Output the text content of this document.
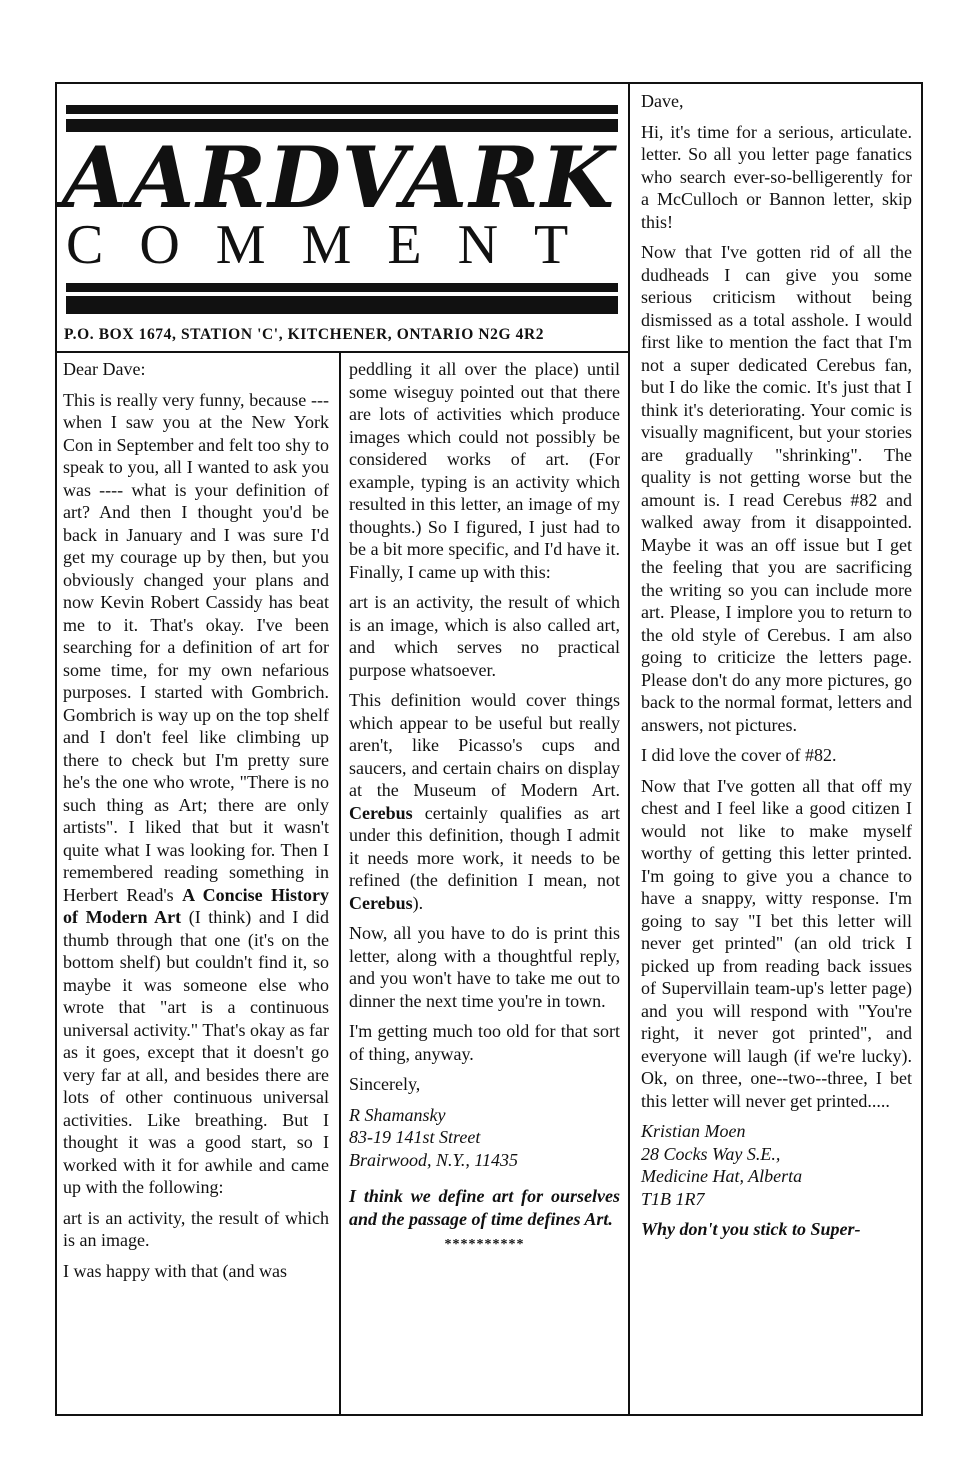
AARDVARK
COMMENT
P.O. BOX 1674, STATION 'C', KITCHENER, ONTARIO N2G 4R2

Dear Dave:

This is really very funny, because --- when I saw you at the New York Con in September and felt too shy to speak to you, all I wanted to ask you was ---- what is your definition of art? And then I thought you'd be back in January and I was sure I'd get my courage up by then, but you obviously changed your plans and now Kevin Robert Cassidy has beat me to it. That's okay. I've been searching for a definition of art for some time, for my own nefarious purposes. I started with Gombrich. Gombrich is way up on the top shelf and I don't feel like climbing up there to check but I'm pretty sure he's the one who wrote, "There is no such thing as Art; there are only artists". I liked that but it wasn't quite what I was looking for. Then I remembered reading something in Herbert Read's A Concise History of Modern Art (I think) and I did thumb through that one (it's on the bottom shelf) but couldn't find it, so maybe it was someone else who wrote that "art is a continuous universal activity." That's okay as far as it goes, except that it doesn't go very far at all, and besides there are lots of other continuous universal activities. Like breathing. But I thought it was a good start, so I worked with it for awhile and came up with the following:

art is an activity, the result of which is an image.

I was happy with that (and was

peddling it all over the place) until some wiseguy pointed out that there are lots of activities which produce images which could not possibly be considered works of art. (For example, typing is an activity which resulted in this letter, an image of my thoughts.) So I figured, I just had to be a bit more specific, and I'd have it. Finally, I came up with this:

art is an activity, the result of which is an image, which is also called art, and which serves no practical purpose whatsoever.

This definition would cover things which appear to be useful but really aren't, like Picasso's cups and saucers, and certain chairs on display at the Museum of Modern Art. Cerebus certainly qualifies as art under this definition, though I admit it needs more work, it needs to be refined (the definition I mean, not Cerebus).

Now, all you have to do is print this letter, along with a thoughtful reply, and you won't have to take me out to dinner the next time you're in town.

I'm getting much too old for that sort of thing, anyway.

Sincerely,

R Shamansky
83-19 141st Street
Brairwood, N.Y., 11435

I think we define art for ourselves and the passage of time defines Art.

**********

Dave,

Hi, it's time for a serious, articulate. letter. So all you letter page fanatics who search ever-so-belligerently for a McCulloch or Bannon letter, skip this!

Now that I've gotten rid of all the dudheads I can give you some serious criticism without being dismissed as a total asshole. I would first like to mention the fact that I'm not a super dedicated Cerebus fan, but I do like the comic. It's just that I think it's deteriorating. Your comic is visually magnificent, but your stories are gradually "shrinking". The quality is not getting worse but the amount is. I read Cerebus #82 and walked away from it disappointed. Maybe it was an off issue but I get the feeling that you are sacrificing the writing so you can include more art. Please, I implore you to return to the old style of Cerebus. I am also going to criticize the letters page. Please don't do any more pictures, go back to the normal format, letters and answers, not pictures.

I did love the cover of #82.

Now that I've gotten all that off my chest and I feel like a good citizen I would not like to make myself worthy of getting this letter printed. I'm going to give you a chance to have a snappy, witty response. I'm going to say "I bet this letter will never get printed" (an old trick I picked up from reading back issues of Supervillain team-up's letter page) and you will respond with "You're right, it never got printed", and everyone will laugh (if we're lucky). Ok, on three, one--two--three, I bet this letter will never get printed.....

Kristian Moen
28 Cocks Way S.E.,
Medicine Hat, Alberta
T1B 1R7

Why don't you stick to Super-
